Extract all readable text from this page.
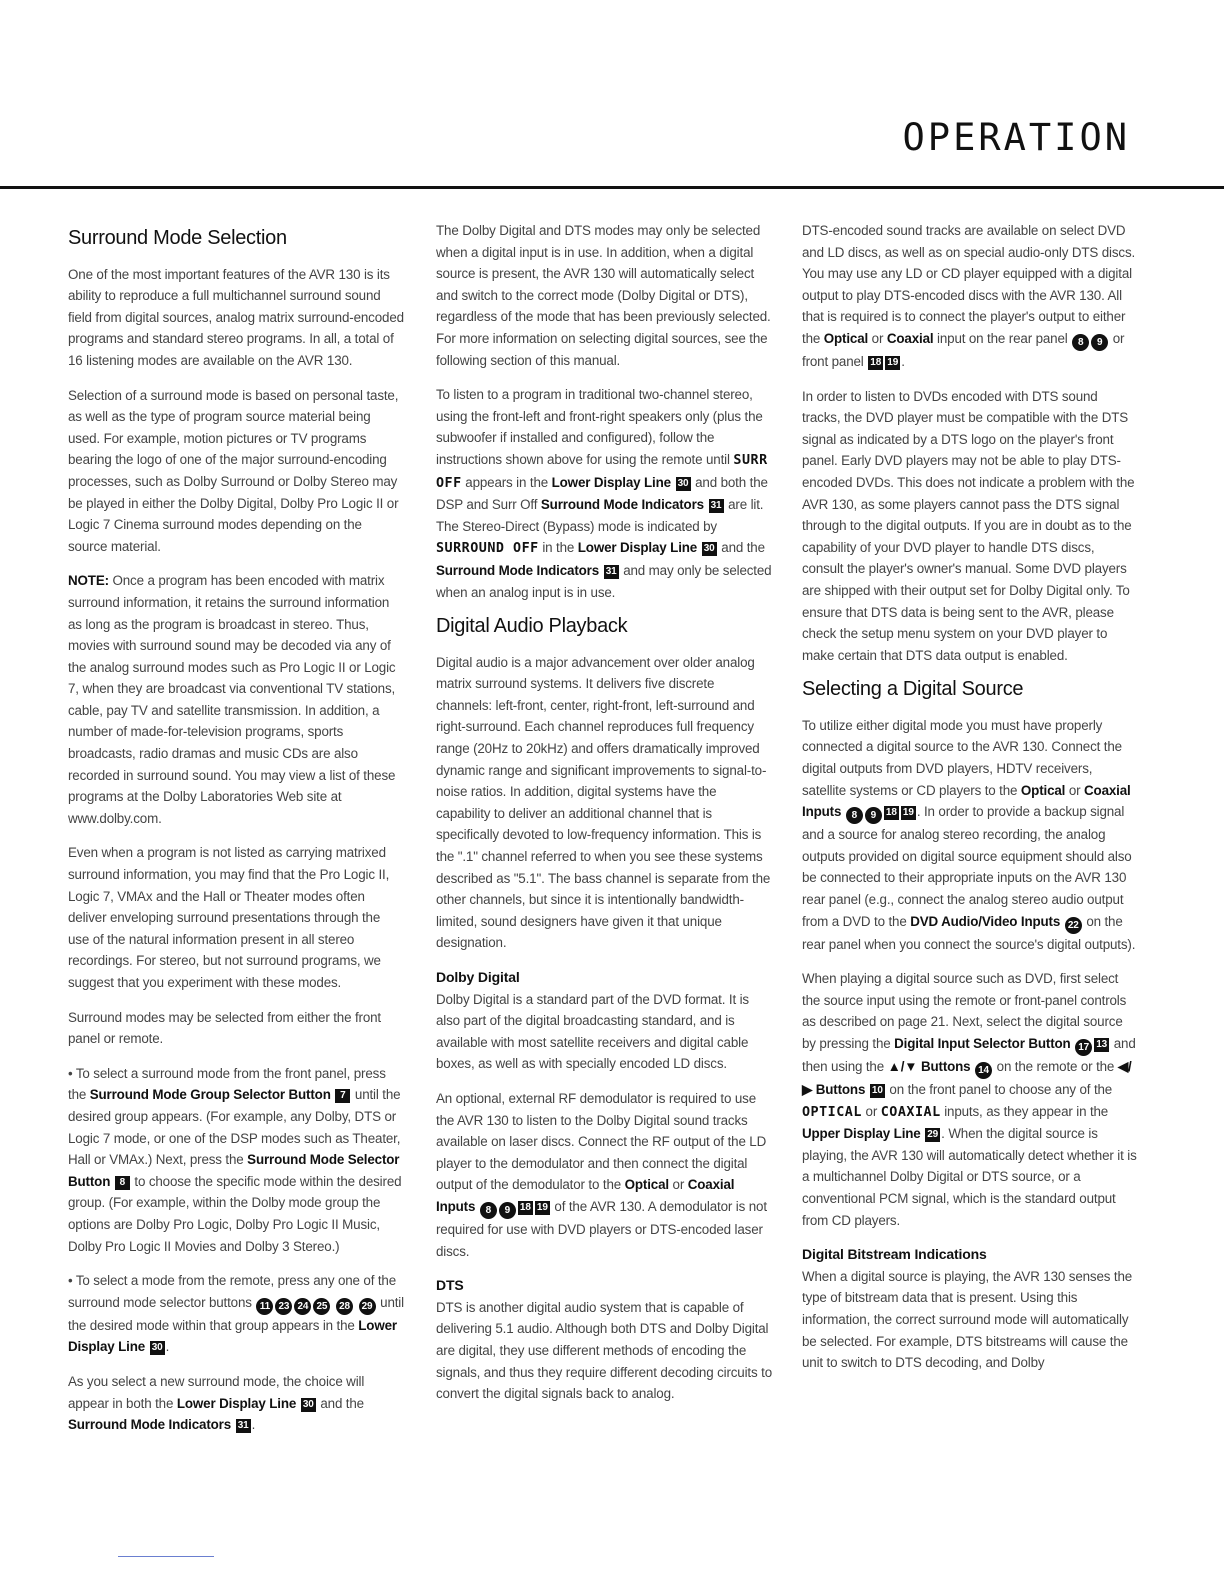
OPERATION
Surround Mode Selection

One of the most important features of the AVR 130 is its ability to reproduce a full multichannel surround sound field from digital sources, analog matrix surround-encoded programs and standard stereo programs. In all, a total of 16 listening modes are available on the AVR 130.

Selection of a surround mode is based on personal taste, as well as the type of program source material being used. For example, motion pictures or TV programs bearing the logo of one of the major surround-encoding processes, such as Dolby Surround or Dolby Stereo may be played in either the Dolby Digital, Dolby Pro Logic II or Logic 7 Cinema surround modes depending on the source material.

NOTE: Once a program has been encoded with matrix surround information, it retains the surround information as long as the program is broadcast in stereo. Thus, movies with surround sound may be decoded via any of the analog surround modes such as Pro Logic II or Logic 7, when they are broadcast via conventional TV stations, cable, pay TV and satellite transmission. In addition, a number of made-for-television programs, sports broadcasts, radio dramas and music CDs are also recorded in surround sound. You may view a list of these programs at the Dolby Laboratories Web site at www.dolby.com.

Even when a program is not listed as carrying matrixed surround information, you may find that the Pro Logic II, Logic 7, VMAx and the Hall or Theater modes often deliver enveloping surround presentations through the use of the natural information present in all stereo recordings. For stereo, but not surround programs, we suggest that you experiment with these modes.

Surround modes may be selected from either the front panel or remote.

• To select a surround mode from the front panel, press the Surround Mode Group Selector Button 7 until the desired group appears. (For example, any Dolby, DTS or Logic 7 mode, or one of the DSP modes such as Theater, Hall or VMAx.) Next, press the Surround Mode Selector Button 8 to choose the specific mode within the desired group. (For example, within the Dolby mode group the options are Dolby Pro Logic, Dolby Pro Logic II Music, Dolby Pro Logic II Movies and Dolby 3 Stereo.)

• To select a mode from the remote, press any one of the surround mode selector buttons 11 23 24 25 28 29 until the desired mode within that group appears in the Lower Display Line 30 .

As you select a new surround mode, the choice will appear in both the Lower Display Line 30 and the Surround Mode Indicators 31 .

The Dolby Digital and DTS modes may only be selected when a digital input is in use. In addition, when a digital source is present, the AVR 130 will automatically select and switch to the correct mode (Dolby Digital or DTS), regardless of the mode that has been previously selected. For more information on selecting digital sources, see the following section of this manual.

To listen to a program in traditional two-channel stereo, using the front-left and front-right speakers only (plus the subwoofer if installed and configured), follow the instructions shown above for using the remote until SURR OFF appears in the Lower Display Line 30 and both the DSP and Surr Off Surround Mode Indicators 31 are lit. The Stereo-Direct (Bypass) mode is indicated by SURROUND OFF in the Lower Display Line 30 and the Surround Mode Indicators 31 and may only be selected when an analog input is in use.

Digital Audio Playback

Digital audio is a major advancement over older analog matrix surround systems. It delivers five discrete channels: left-front, center, right-front, left-surround and right-surround. Each channel reproduces full frequency range (20Hz to 20kHz) and offers dramatically improved dynamic range and significant improvements to signal-to-noise ratios. In addition, digital systems have the capability to deliver an additional channel that is specifically devoted to low-frequency information. This is the ".1" channel referred to when you see these systems described as "5.1". The bass channel is separate from the other channels, but since it is intentionally bandwidth-limited, sound designers have given it that unique designation.

Dolby Digital

Dolby Digital is a standard part of the DVD format. It is also part of the digital broadcasting standard, and is available with most satellite receivers and digital cable boxes, as well as with specially encoded LD discs.

An optional, external RF demodulator is required to use the AVR 130 to listen to the Dolby Digital sound tracks available on laser discs. Connect the RF output of the LD player to the demodulator and then connect the digital output of the demodulator to the Optical or Coaxial Inputs 8 9 18 19 of the AVR 130. A demodulator is not required for use with DVD players or DTS-encoded laser discs.

DTS

DTS is another digital audio system that is capable of delivering 5.1 audio. Although both DTS and Dolby Digital are digital, they use different methods of encoding the signals, and thus they require different decoding circuits to convert the digital signals back to analog.

DTS-encoded sound tracks are available on select DVD and LD discs, as well as on special audio-only DTS discs. You may use any LD or CD player equipped with a digital output to play DTS-encoded discs with the AVR 130. All that is required is to connect the player's output to either the Optical or Coaxial input on the rear panel 8 9 or front panel 18 19 .

In order to listen to DVDs encoded with DTS sound tracks, the DVD player must be compatible with the DTS signal as indicated by a DTS logo on the player's front panel. Early DVD players may not be able to play DTS-encoded DVDs. This does not indicate a problem with the AVR 130, as some players cannot pass the DTS signal through to the digital outputs. If you are in doubt as to the capability of your DVD player to handle DTS discs, consult the player's owner's manual. Some DVD players are shipped with their output set for Dolby Digital only. To ensure that DTS data is being sent to the AVR, please check the setup menu system on your DVD player to make certain that DTS data output is enabled.

Selecting a Digital Source

To utilize either digital mode you must have properly connected a digital source to the AVR 130. Connect the digital outputs from DVD players, HDTV receivers, satellite systems or CD players to the Optical or Coaxial Inputs 8 9 18 19 . In order to provide a backup signal and a source for analog stereo recording, the analog outputs provided on digital source equipment should also be connected to their appropriate inputs on the AVR 130 rear panel (e.g., connect the analog stereo audio output from a DVD to the DVD Audio/Video Inputs 22 on the rear panel when you connect the source's digital outputs).

When playing a digital source such as DVD, first select the source input using the remote or front-panel controls as described on page 21. Next, select the digital source by pressing the Digital Input Selector Button 17 13 and then using the ▲/▼ Buttons 14 on the remote or the ◀/▶ Buttons 10 on the front panel to choose any of the OPTICAL or COAXIAL inputs, as they appear in the Upper Display Line 29 . When the digital source is playing, the AVR 130 will automatically detect whether it is a multichannel Dolby Digital or DTS source, or a conventional PCM signal, which is the standard output from CD players.

Digital Bitstream Indications

When a digital source is playing, the AVR 130 senses the type of bitstream data that is present. Using this information, the correct surround mode will automatically be selected. For example, DTS bitstreams will cause the unit to switch to DTS decoding, and Dolby
